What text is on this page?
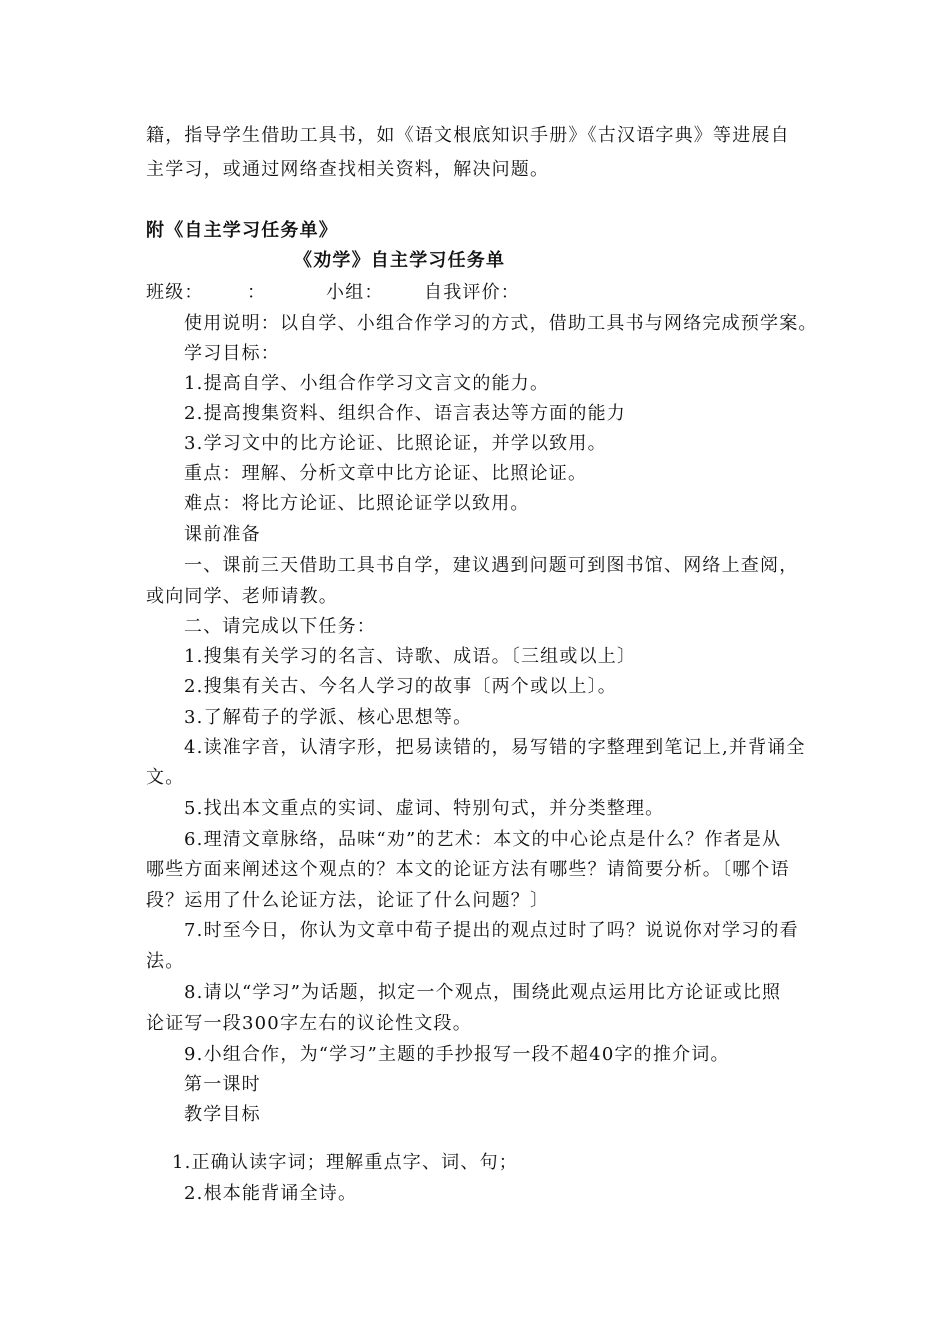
籍，指导学生借助工具书，如《语文根底知识手册》《古汉语字典》等进展自
主学习，或通过网络查找相关资料，解决问题。
附《自主学习任务单》
《劝学》自主学习任务单
班级：	：	小组：	自我评价：
使用说明：以自学、小组合作学习的方式，借助工具书与网络完成预学案。
学习目标：
1.提高自学、小组合作学习文言文的能力。
2.提高搜集资料、组织合作、语言表达等方面的能力
3.学习文中的比方论证、比照论证，并学以致用。
重点：理解、分析文章中比方论证、比照论证。
难点：将比方论证、比照论证学以致用。
课前准备
一、课前三天借助工具书自学，建议遇到问题可到图书馆、网络上查阅，
或向同学、老师请教。
二、请完成以下任务：
1.搜集有关学习的名言、诗歌、成语。〔三组或以上〕
2.搜集有关古、今名人学习的故事〔两个或以上〕。
3.了解荀子的学派、核心思想等。
4.读准字音，认清字形，把易读错的，易写错的字整理到笔记上,并背诵全
文。
5.找出本文重点的实词、虚词、特别句式，并分类整理。
6.理清文章脉络，品味“劝”的艺术：本文的中心论点是什么？作者是从
哪些方面来阐述这个观点的？本文的论证方法有哪些？请简要分析。〔哪个语
段？运用了什么论证方法，论证了什么问题？〕
7.时至今日，你认为文章中荀子提出的观点过时了吗？说说你对学习的看
法。
8.请以“学习”为话题，拟定一个观点，围绕此观点运用比方论证或比照
论证写一段300字左右的议论性文段。
9.小组合作，为“学习”主题的手抄报写一段不超40字的推介词。
第一课时
教学目标
1.正确认读字词；理解重点字、词、句；
2.根本能背诵全诗。
